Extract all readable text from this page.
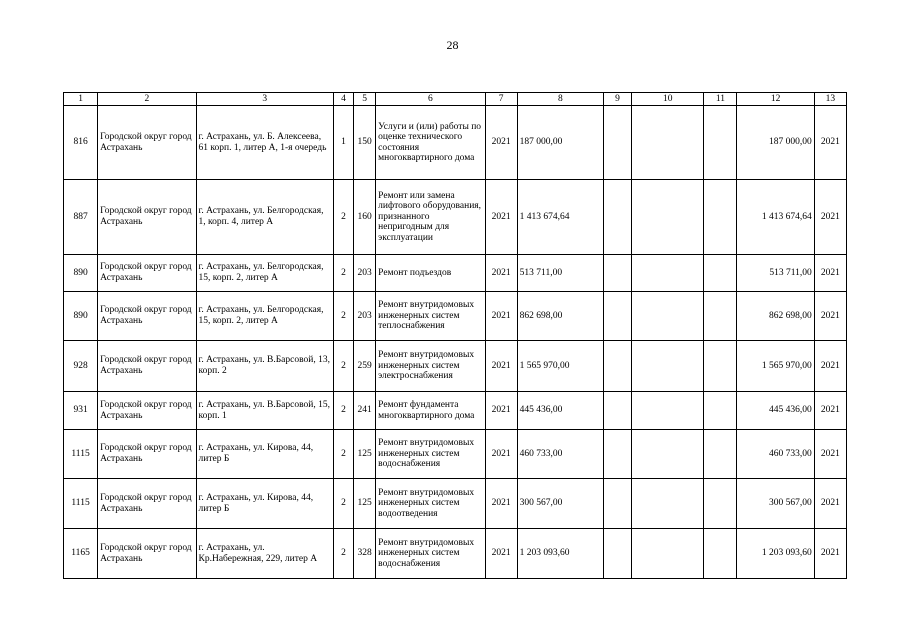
28
1	2	3	4	5	6	7	8	9	10	11	12	13
816	Городской округ город Астрахань	г. Астрахань, ул. Б. Алексеева, 61 корп. 1, литер А, 1-я очередь	1	150	Услуги и (или) работы по оценке технического состояния многоквартирного дома	2021	187 000,00				187 000,00	2021
887	Городской округ город Астрахань	г. Астрахань, ул. Белгородская, 1, корп. 4, литер А	2	160	Ремонт или замена лифтового оборудования, признанного непригодным для эксплуатации	2021	1 413 674,64				1 413 674,64	2021
890	Городской округ город Астрахань	г. Астрахань, ул. Белгородская, 15, корп. 2, литер А	2	203	Ремонт подъездов	2021	513 711,00				513 711,00	2021
890	Городской округ город Астрахань	г. Астрахань, ул. Белгородская, 15, корп. 2, литер А	2	203	Ремонт внутридомовых инженерных систем теплоснабжения	2021	862 698,00				862 698,00	2021
928	Городской округ город Астрахань	г. Астрахань, ул. В.Барсовой, 13, корп. 2	2	259	Ремонт внутридомовых инженерных систем электроснабжения	2021	1 565 970,00				1 565 970,00	2021
931	Городской округ город Астрахань	г. Астрахань, ул. В.Барсовой, 15, корп. 1	2	241	Ремонт фундамента многоквартирного дома	2021	445 436,00				445 436,00	2021
1115	Городской округ город Астрахань	г. Астрахань, ул. Кирова, 44, литер Б	2	125	Ремонт внутридомовых инженерных систем водоснабжения	2021	460 733,00				460 733,00	2021
1115	Городской округ город Астрахань	г. Астрахань, ул. Кирова, 44, литер Б	2	125	Ремонт внутридомовых инженерных систем водоотведения	2021	300 567,00				300 567,00	2021
1165	Городской округ город Астрахань	г. Астрахань, ул. Кр.Набережная, 229, литер А	2	328	Ремонт внутридомовых инженерных систем водоснабжения	2021	1 203 093,60				1 203 093,60	2021
